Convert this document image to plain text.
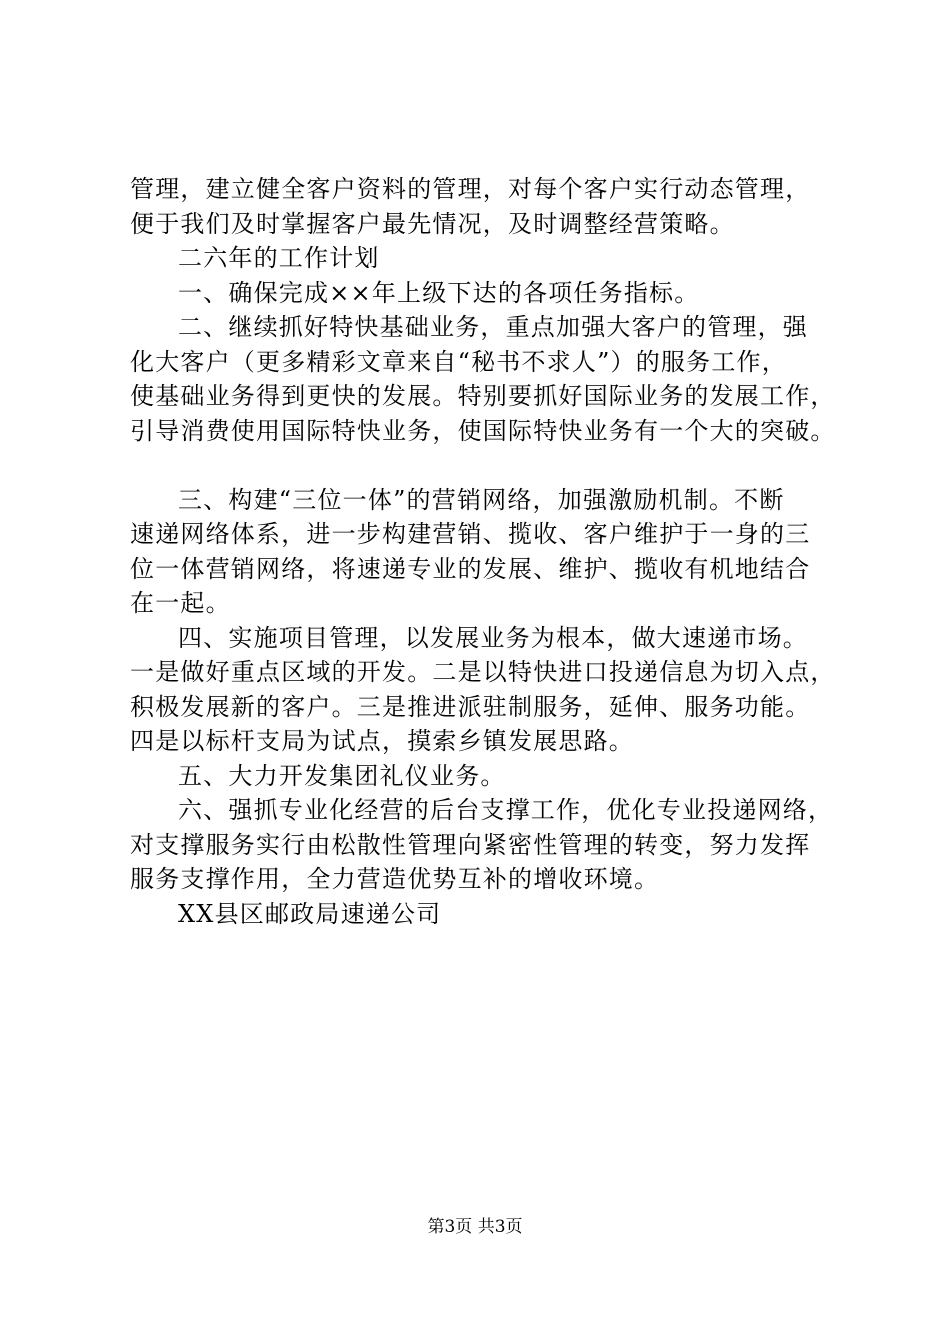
管理，建立健全客户资料的管理，对每个客户实行动态管理，
便于我们及时掌握客户最先情况，及时调整经营策略。
二六年的工作计划
一、确保完成××年上级下达的各项任务指标。
二、继续抓好特快基础业务，重点加强大客户的管理，强
化大客户（更多精彩文章来自“秘书不求人”）的服务工作，
使基础业务得到更快的发展。特别要抓好国际业务的发展工作，
引导消费使用国际特快业务，使国际特快业务有一个大的突破。
三、构建“三位一体”的营销网络，加强激励机制。不断
速递网络体系，进一步构建营销、揽收、客户维护于一身的三
位一体营销网络，将速递专业的发展、维护、揽收有机地结合
在一起。
四、实施项目管理，以发展业务为根本，做大速递市场。
一是做好重点区域的开发。二是以特快进口投递信息为切入点，
积极发展新的客户。三是推进派驻制服务，延伸、服务功能。
四是以标杆支局为试点，摸索乡镇发展思路。
五、大力开发集团礼仪业务。
六、强抓专业化经营的后台支撑工作，优化专业投递网络，
对支撑服务实行由松散性管理向紧密性管理的转变，努力发挥
服务支撑作用，全力营造优势互补的增收环境。
XX县区邮政局速递公司
第3页 共3页
